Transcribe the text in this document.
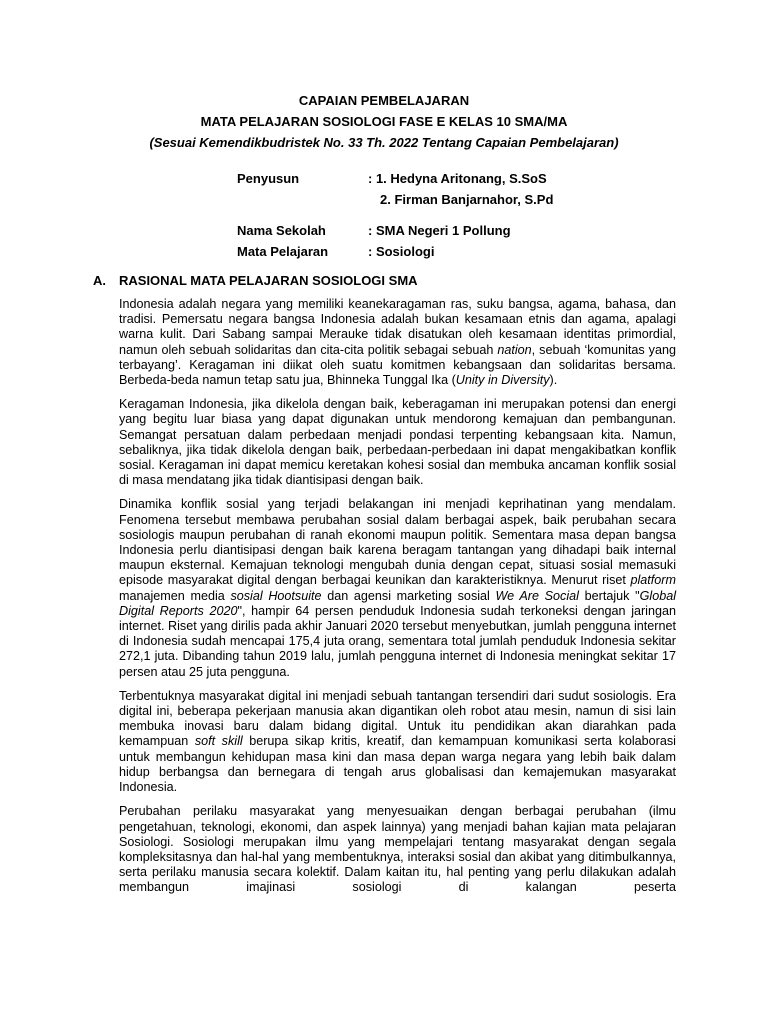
CAPAIAN PEMBELAJARAN
MATA PELAJARAN SOSIOLOGI FASE E KELAS 10 SMA/MA
(Sesuai Kemendikbudristek No. 33 Th. 2022 Tentang Capaian Pembelajaran)
Penyusun	: 1. Hedyna Aritonang, S.SoS
2. Firman Banjarnahor, S.Pd
Nama Sekolah	: SMA Negeri 1 Pollung
Mata Pelajaran	: Sosiologi
A. RASIONAL MATA PELAJARAN SOSIOLOGI SMA

Indonesia adalah negara yang memiliki keanekaragaman ras, suku bangsa, agama, bahasa, dan tradisi. Pemersatu negara bangsa Indonesia adalah bukan kesamaan etnis dan agama, apalagi warna kulit. Dari Sabang sampai Merauke tidak disatukan oleh kesamaan identitas primordial, namun oleh sebuah solidaritas dan cita-cita politik sebagai sebuah nation, sebuah ‘komunitas yang terbayang’. Keragaman ini diikat oleh suatu komitmen kebangsaan dan solidaritas bersama. Berbeda-beda namun tetap satu jua, Bhinneka Tunggal Ika (Unity in Diversity).

Keragaman Indonesia, jika dikelola dengan baik, keberagaman ini merupakan potensi dan energi yang begitu luar biasa yang dapat digunakan untuk mendorong kemajuan dan pembangunan. Semangat persatuan dalam perbedaan menjadi pondasi terpenting kebangsaan kita. Namun, sebaliknya, jika tidak dikelola dengan baik, perbedaan-perbedaan ini dapat mengakibatkan konflik sosial. Keragaman ini dapat memicu keretakan kohesi sosial dan membuka ancaman konflik sosial di masa mendatang jika tidak diantisipasi dengan baik.

Dinamika konflik sosial yang terjadi belakangan ini menjadi keprihatinan yang mendalam. Fenomena tersebut membawa perubahan sosial dalam berbagai aspek, baik perubahan secara sosiologis maupun perubahan di ranah ekonomi maupun politik. Sementara masa depan bangsa Indonesia perlu diantisipasi dengan baik karena beragam tantangan yang dihadapi baik internal maupun eksternal. Kemajuan teknologi mengubah dunia dengan cepat, situasi sosial memasuki episode masyarakat digital dengan berbagai keunikan dan karakteristiknya. Menurut riset platform manajemen media sosial Hootsuite dan agensi marketing sosial We Are Social bertajuk "Global Digital Reports 2020", hampir 64 persen penduduk Indonesia sudah terkoneksi dengan jaringan internet. Riset yang dirilis pada akhir Januari 2020 tersebut menyebutkan, jumlah pengguna internet di Indonesia sudah mencapai 175,4 juta orang, sementara total jumlah penduduk Indonesia sekitar 272,1 juta. Dibanding tahun 2019 lalu, jumlah pengguna internet di Indonesia meningkat sekitar 17 persen atau 25 juta pengguna.

Terbentuknya masyarakat digital ini menjadi sebuah tantangan tersendiri dari sudut sosiologis. Era digital ini, beberapa pekerjaan manusia akan digantikan oleh robot atau mesin, namun di sisi lain membuka inovasi baru dalam bidang digital. Untuk itu pendidikan akan diarahkan pada kemampuan soft skill berupa sikap kritis, kreatif, dan kemampuan komunikasi serta kolaborasi untuk membangun kehidupan masa kini dan masa depan warga negara yang lebih baik dalam hidup berbangsa dan bernegara di tengah arus globalisasi dan kemajemukan masyarakat Indonesia.

Perubahan perilaku masyarakat yang menyesuaikan dengan berbagai perubahan (ilmu pengetahuan, teknologi, ekonomi, dan aspek lainnya) yang menjadi bahan kajian mata pelajaran Sosiologi. Sosiologi merupakan ilmu yang mempelajari tentang masyarakat dengan segala kompleksitasnya dan hal-hal yang membentuknya, interaksi sosial dan akibat yang ditimbulkannya, serta perilaku manusia secara kolektif. Dalam kaitan itu, hal penting yang perlu dilakukan adalah membangun imajinasi sosiologi di kalangan peserta
